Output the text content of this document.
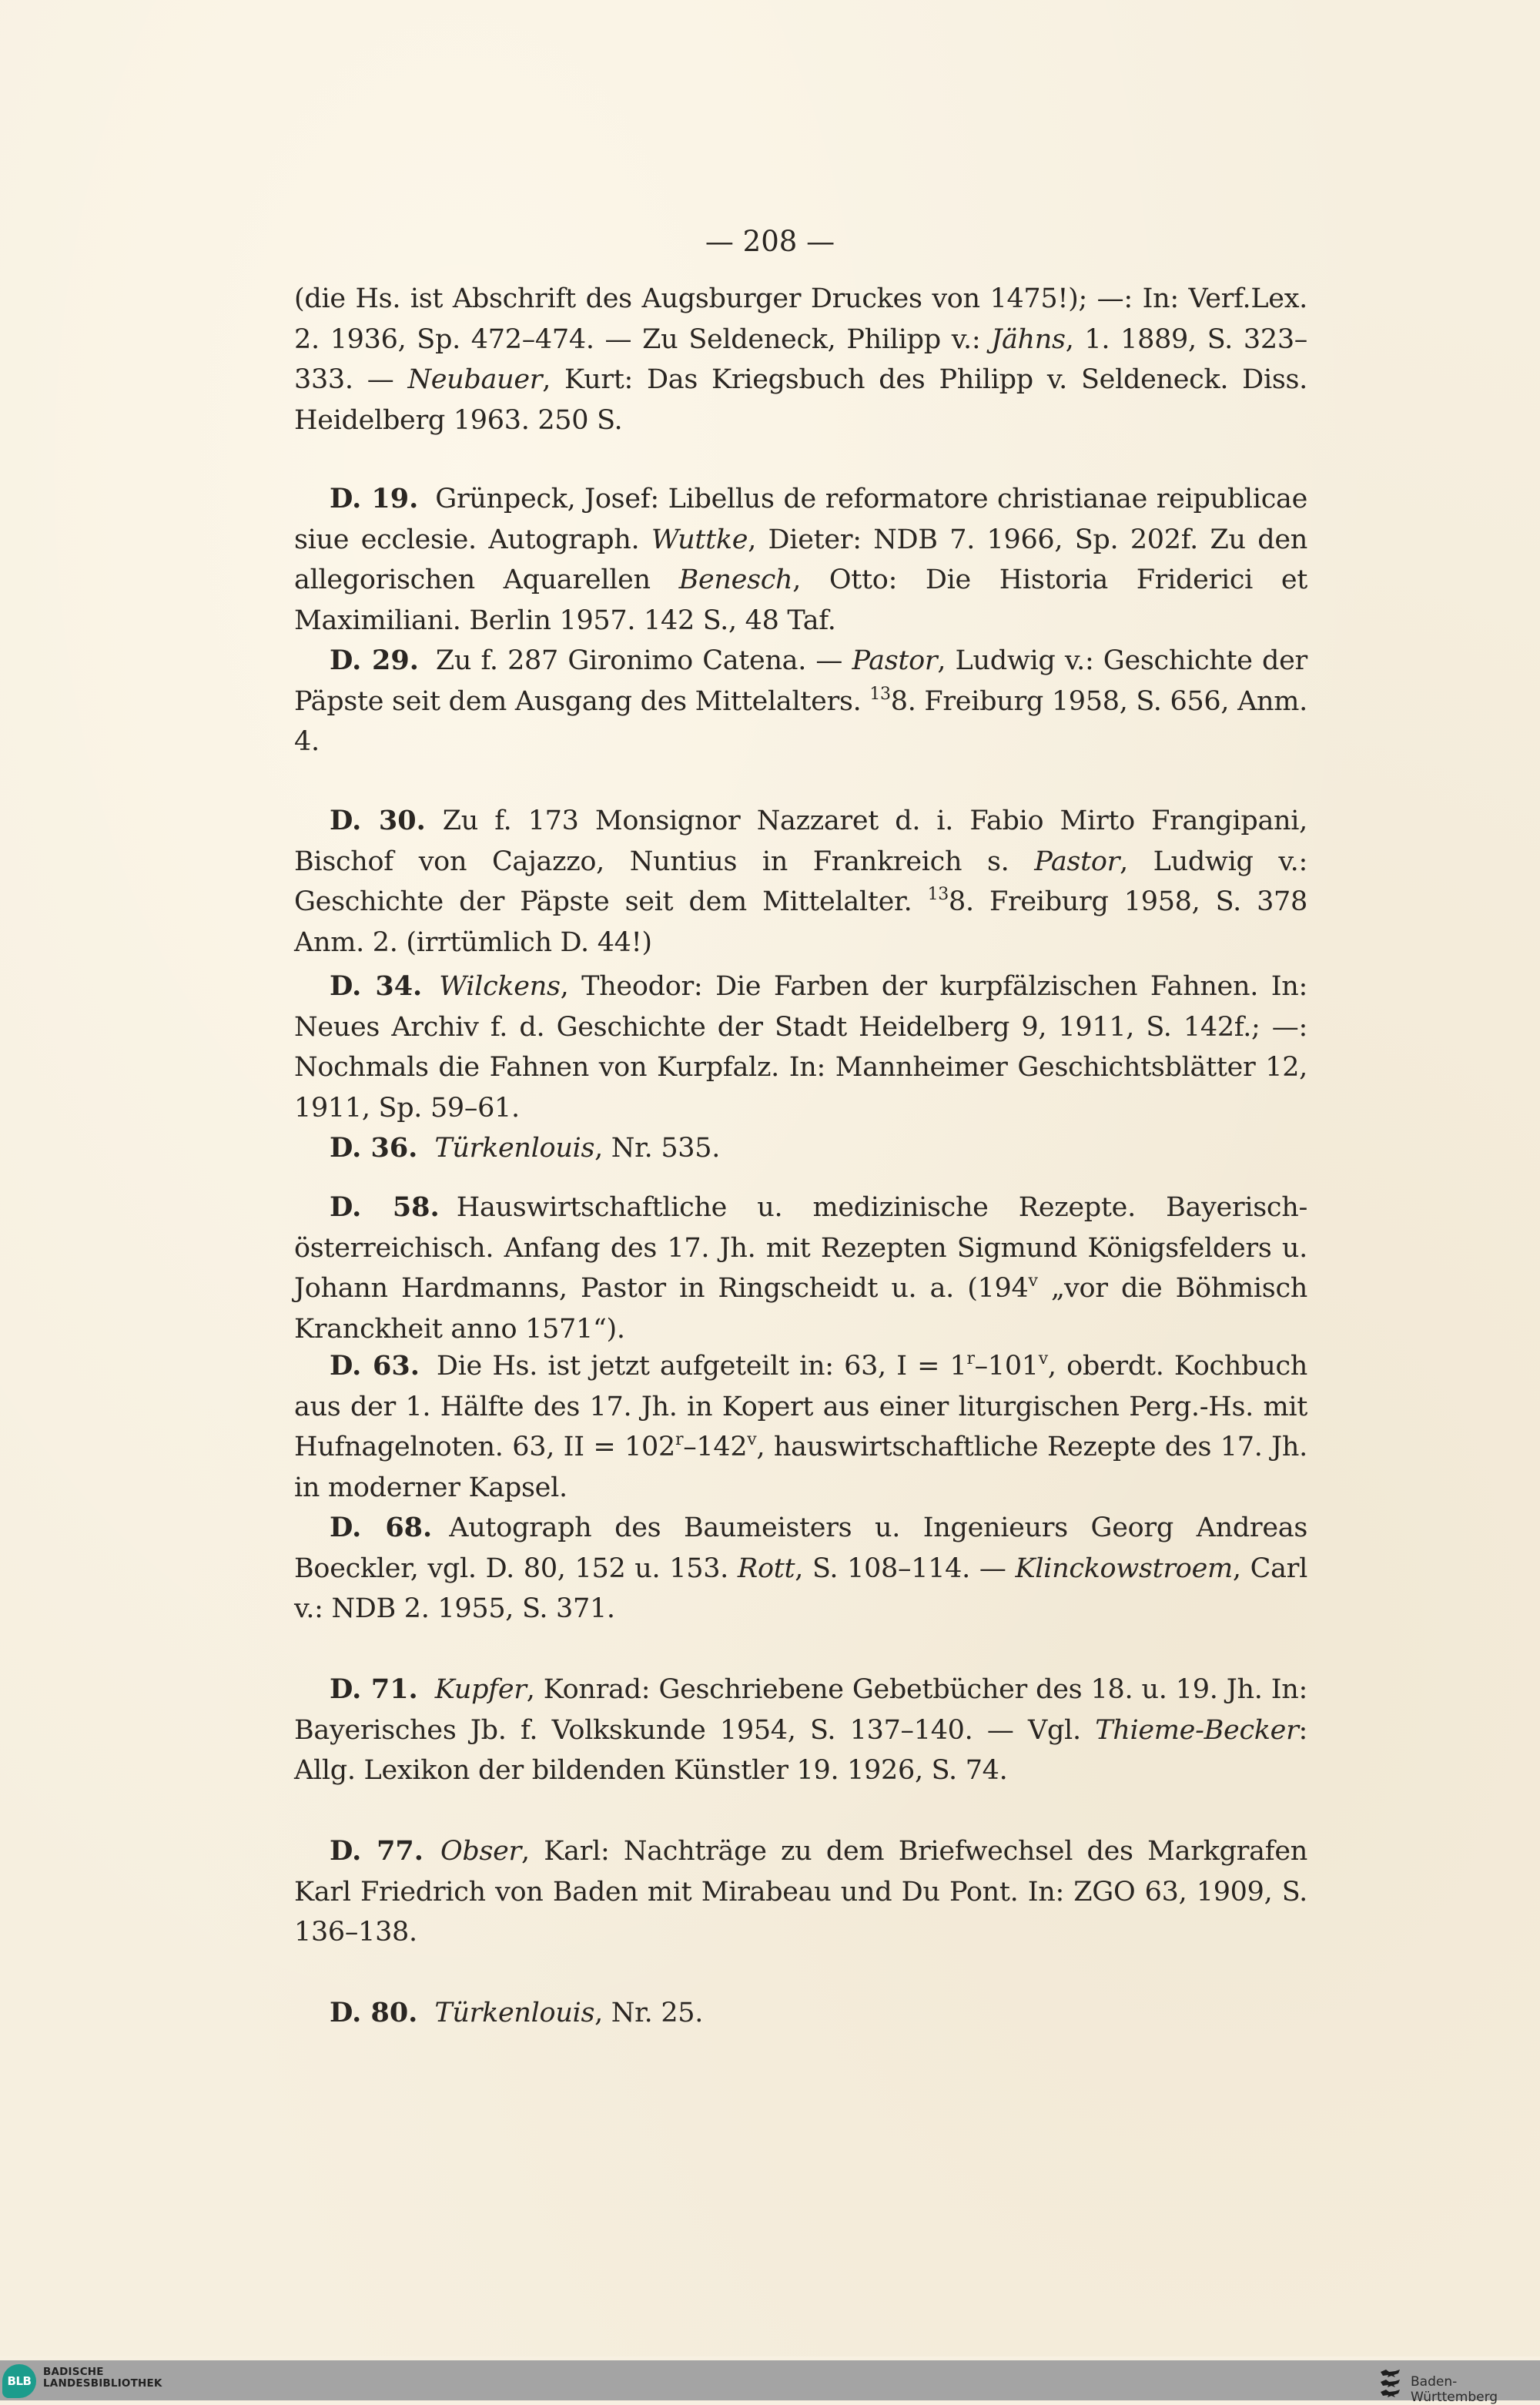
— 208 —

(die Hs. ist Abschrift des Augsburger Druckes von 1475!); —: In: Verf.Lex. 2. 1936, Sp. 472–474. — Zu Seldeneck, Philipp v.: Jähns, 1. 1889, S. 323–333. — Neubauer, Kurt: Das Kriegsbuch des Philipp v. Seldeneck. Diss. Heidelberg 1963. 250 S.

D. 19. Grünpeck, Josef: Libellus de reformatore christianae reipublicae siue ecclesie. Autograph. Wuttke, Dieter: NDB 7. 1966, Sp. 202f. Zu den allegorischen Aquarellen Benesch, Otto: Die Historia Friderici et Maximiliani. Berlin 1957. 142 S., 48 Taf.

D. 29. Zu f. 287 Gironimo Catena. — Pastor, Ludwig v.: Geschichte der Päpste seit dem Ausgang des Mittelalters. $^{13}$8. Freiburg 1958, S. 656, Anm. 4.

D. 30. Zu f. 173 Monsignor Nazzaret d. i. Fabio Mirto Frangipani, Bischof von Cajazzo, Nuntius in Frankreich s. Pastor, Ludwig v.: Geschichte der Päpste seit dem Mittelalter. $^{13}$8. Freiburg 1958, S. 378 Anm. 2. (irrtümlich D. 44!)

D. 34. Wilckens, Theodor: Die Farben der kurpfälzischen Fahnen. In: Neues Archiv f. d. Geschichte der Stadt Heidelberg 9, 1911, S. 142f.; —: Nochmals die Fahnen von Kurpfalz. In: Mannheimer Geschichtsblätter 12, 1911, Sp. 59–61.

D. 36. Türkenlouis, Nr. 535.

D. 58. Hauswirtschaftliche u. medizinische Rezepte. Bayerisch-österreichisch. Anfang des 17. Jh. mit Rezepten Sigmund Königsfelders u. Johann Hardmanns, Pastor in Ringscheidt u. a. (194$^v$ „vor die Böhmisch Kranckheit anno 1571“).

D. 63. Die Hs. ist jetzt aufgeteilt in: 63, $I = 1^r-101^v$, oberdt. Kochbuch aus der 1. Hälfte des 17. Jh. in Kopert aus einer liturgischen Perg.-Hs. mit Hufnagelnoten. 63, II = $102^r-142^v$, hauswirtschaftliche Rezepte des 17. Jh. in moderner Kapsel.

D. 68. Autograph des Baumeisters u. Ingenieurs Georg Andreas Boeckler, vgl. D. 80, 152 u. 153. Rott, S. 108–114. — Klinckowstroem, Carl v.: NDB 2. 1955, S. 371.

D. 71. Kupfer, Konrad: Geschriebene Gebetbücher des 18. u. 19. Jh. In: Bayerisches Jb. f. Volkskunde 1954, S. 137–140. — Vgl. Thieme-Becker: Allg. Lexikon der bildenden Künstler 19. 1926, S. 74.

D. 77. Obser, Karl: Nachträge zu dem Briefwechsel des Markgrafen Karl Friedrich von Baden mit Mirabeau und Du Pont. In: ZGO 63, 1909, S. 136–138.

D. 80. Türkenlouis, Nr. 25.

BLB
BADISCHE
LANDESBIBLIOTHEK	Baden-Württemberg
